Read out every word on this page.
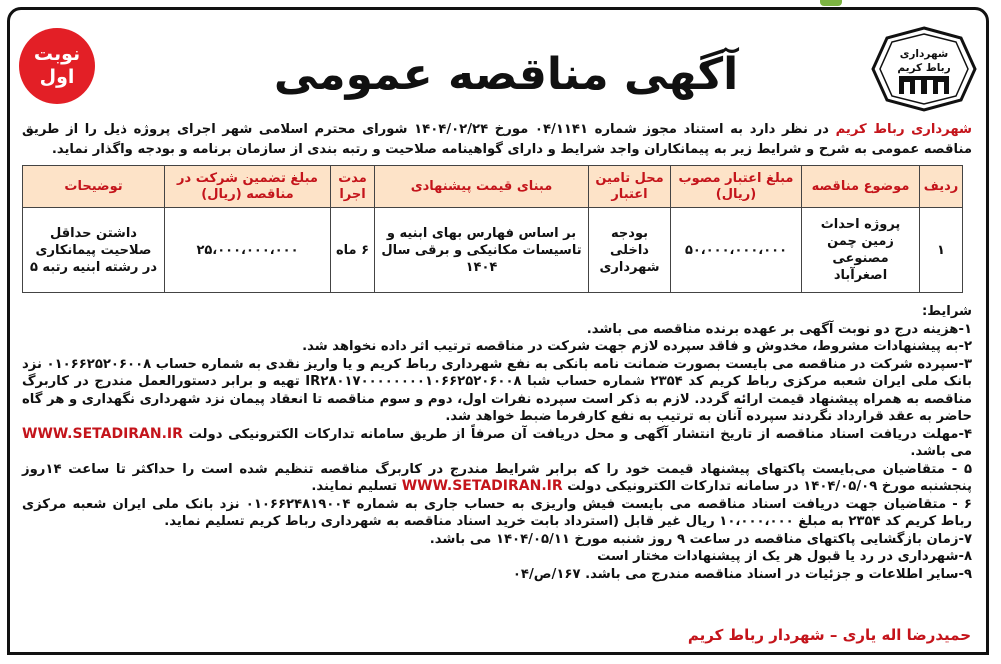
نوبت
اول	آگهی مناقصه عمومی	شهرداری
رباط کریم

شهرداری رباط کریم در نظر دارد به استناد مجوز شماره ۰۴/۱۱۴۱ مورخ ۱۴۰۴/۰۲/۲۴ شورای محترم اسلامی شهر اجرای پروژه ذیل را از طریق مناقصه عمومی به شرح و شرایط زیر به پیمانکاران واجد شرایط و دارای گواهینامه صلاحیت و رتبه بندی از سازمان برنامه و بودجه واگذار نماید.

ردیف	موضوع مناقصه	مبلغ اعتبار مصوب (ریال)	محل تامین اعتبار	مبنای قیمت پیشنهادی	مدت اجرا	مبلغ تضمین شرکت در مناقصه (ریال)	توضیحات
۱	پروژه احداث زمین چمن مصنوعی اصغرآباد	۵۰،۰۰۰،۰۰۰،۰۰۰	بودجه داخلی شهرداری	بر اساس فهارس بهای ابنیه و تاسیسات مکانیکی و برقی سال ۱۴۰۴	۶ ماه	۲۵،۰۰۰،۰۰۰،۰۰۰	داشتن حداقل صلاحیت پیمانکاری در رشته ابنیه رتبه ۵

شرایط:

۱-هزینه درج دو نوبت آگهی بر عهده برنده مناقصه می باشد.

۲-به پیشنهادات مشروط، مخدوش و فاقد سپرده لازم جهت شرکت در مناقصه ترتیب اثر داده نخواهد شد.

۳-سپرده شرکت در مناقصه می بایست بصورت ضمانت نامه بانکی به نفع شهرداری رباط کریم و یا واریز نقدی به شماره حساب ۰۱۰۶۶۲۵۲۰۶۰۰۸ نزد بانک ملی ایران شعبه مرکزی رباط کریم کد ۲۳۵۴ شماره حساب شبا IR۲۸۰۱۷۰۰۰۰۰۰۰۰۱۰۶۶۲۵۲۰۶۰۰۸ تهیه و برابر دستورالعمل مندرج در کاربرگ مناقصه به همراه پیشنهاد قیمت ارائه گردد. لازم به ذکر است سپرده نفرات اول، دوم و سوم مناقصه تا انعقاد پیمان نزد شهرداری نگهداری و هر گاه حاضر به عقد قرارداد نگردند سپرده آنان به ترتیب به نفع کارفرما ضبط خواهد شد.

۴-مهلت دریافت اسناد مناقصه از تاریخ انتشار آگهی و محل دریافت آن صرفاً از طریق سامانه تدارکات الکترونیکی دولت WWW.SETADIRAN.IR می باشد.

۵ - متقاضیان می‌بایست پاکتهای پیشنهاد قیمت خود را که برابر شرایط مندرج در کاربرگ مناقصه تنظیم شده است را حداکثر تا ساعت ۱۴روز پنجشنبه مورخ ۱۴۰۴/۰۵/۰۹ در سامانه تدارکات الکترونیکی دولت WWW.SETADIRAN.IR تسلیم نمایند.

۶ - متقاضیان جهت دریافت اسناد مناقصه می بایست فیش واریزی به حساب جاری به شماره ۰۱۰۶۶۲۴۸۱۹۰۰۴ نزد بانک ملی ایران شعبه مرکزی رباط کریم کد ۲۳۵۴ به مبلغ ۱۰،۰۰۰،۰۰۰ ریال غیر قابل (استرداد بابت خرید اسناد مناقصه به شهرداری رباط کریم تسلیم نماید.

۷-زمان بازگشایی پاکتهای مناقصه در ساعت ۹ روز شنبه مورخ ۱۴۰۴/۰۵/۱۱ می باشد.

۸-شهرداری در رد یا قبول هر یک از پیشنهادات مختار است

۹-سایر اطلاعات و جزئیات در اسناد مناقصه مندرج می باشد. ۱۶۷/ص/۰۴

حمیدرضا اله یاری – شهردار رباط کریم
